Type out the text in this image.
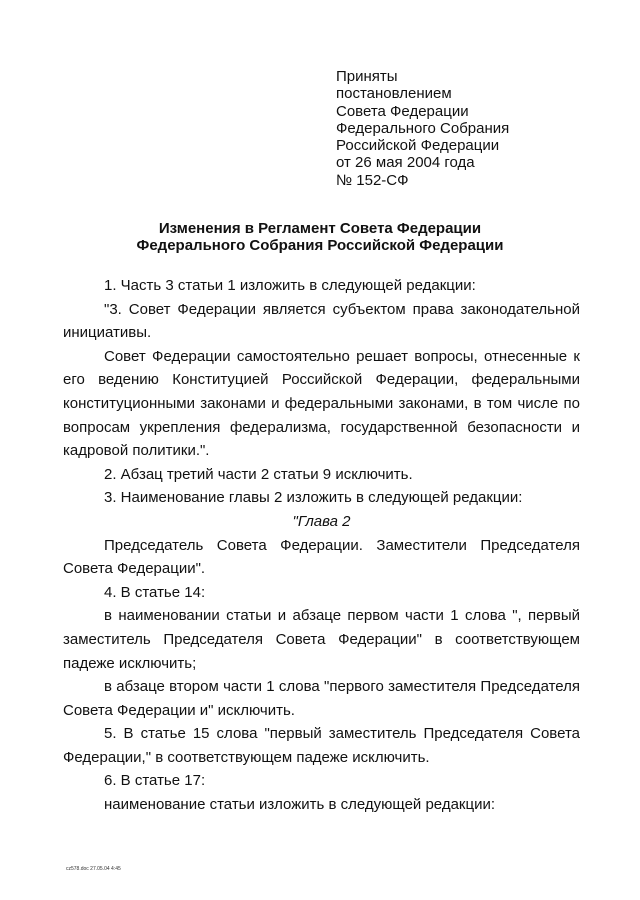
Приняты
постановлением
Совета Федерации
Федерального Собрания
Российской Федерации
от 26 мая 2004 года
№ 152-СФ
Изменения в Регламент Совета Федерации
Федерального Собрания Российской Федерации

1. Часть 3 статьи 1 изложить в следующей редакции:

"3. Совет Федерации является субъектом права законодательной инициативы.

Совет Федерации самостоятельно решает вопросы, отнесенные к его ведению Конституцией Российской Федерации, федеральными конституционными законами и федеральными законами, в том числе по вопросам укрепления федерализма, государственной безопасности и кадровой политики.".

2. Абзац третий части 2 статьи 9 исключить.

3. Наименование главы 2 изложить в следующей редакции:

"Глава 2

Председатель Совета Федерации. Заместители Председателя Совета Федерации".

4. В статье 14:

в наименовании статьи и абзаце первом части 1 слова ", первый заместитель Председателя Совета Федерации" в соответствующем падеже исключить;

в абзаце втором части 1 слова "первого заместителя Председателя Совета Федерации и" исключить.

5. В статье 15 слова "первый заместитель Председателя Совета Федерации," в соответствующем падеже исключить.

6. В статье 17:

наименование статьи изложить в следующей редакции:

cz578.doc 27.05.04 4:45
